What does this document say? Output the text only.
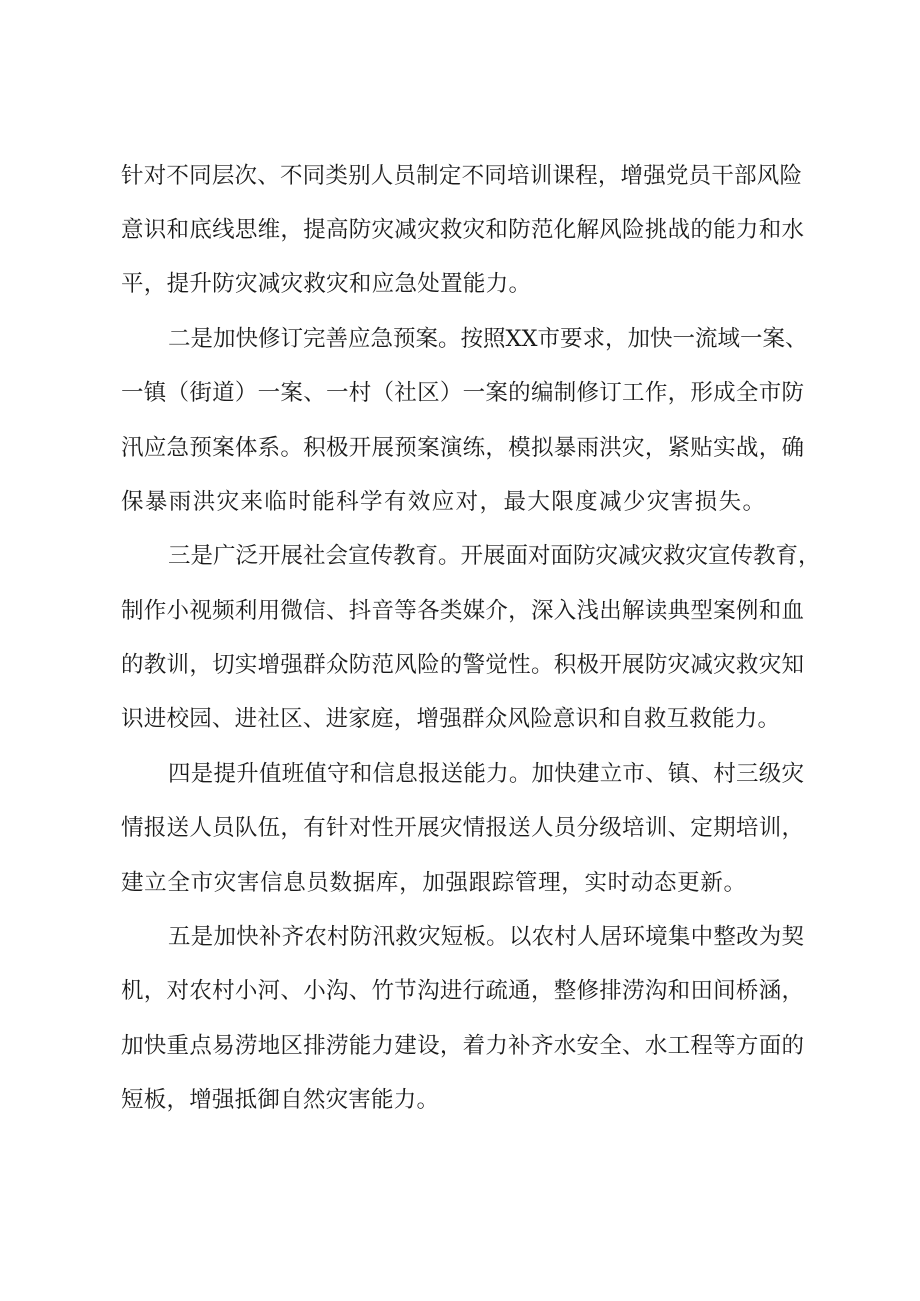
针对不同层次、不同类别人员制定不同培训课程，增强党员干部风险
意识和底线思维，提高防灾减灾救灾和防范化解风险挑战的能力和水
平，提升防灾减灾救灾和应急处置能力。
二是加快修订完善应急预案。按照XX市要求，加快一流域一案、
一镇（街道）一案、一村（社区）一案的编制修订工作，形成全市防
汛应急预案体系。积极开展预案演练，模拟暴雨洪灾，紧贴实战，确
保暴雨洪灾来临时能科学有效应对，最大限度减少灾害损失。
三是广泛开展社会宣传教育。开展面对面防灾减灾救灾宣传教育，
制作小视频利用微信、抖音等各类媒介，深入浅出解读典型案例和血
的教训，切实增强群众防范风险的警觉性。积极开展防灾减灾救灾知
识进校园、进社区、进家庭，增强群众风险意识和自救互救能力。
四是提升值班值守和信息报送能力。加快建立市、镇、村三级灾
情报送人员队伍，有针对性开展灾情报送人员分级培训、定期培训，
建立全市灾害信息员数据库，加强跟踪管理，实时动态更新。
五是加快补齐农村防汛救灾短板。以农村人居环境集中整改为契
机，对农村小河、小沟、竹节沟进行疏通，整修排涝沟和田间桥涵，
加快重点易涝地区排涝能力建设，着力补齐水安全、水工程等方面的
短板，增强抵御自然灾害能力。
